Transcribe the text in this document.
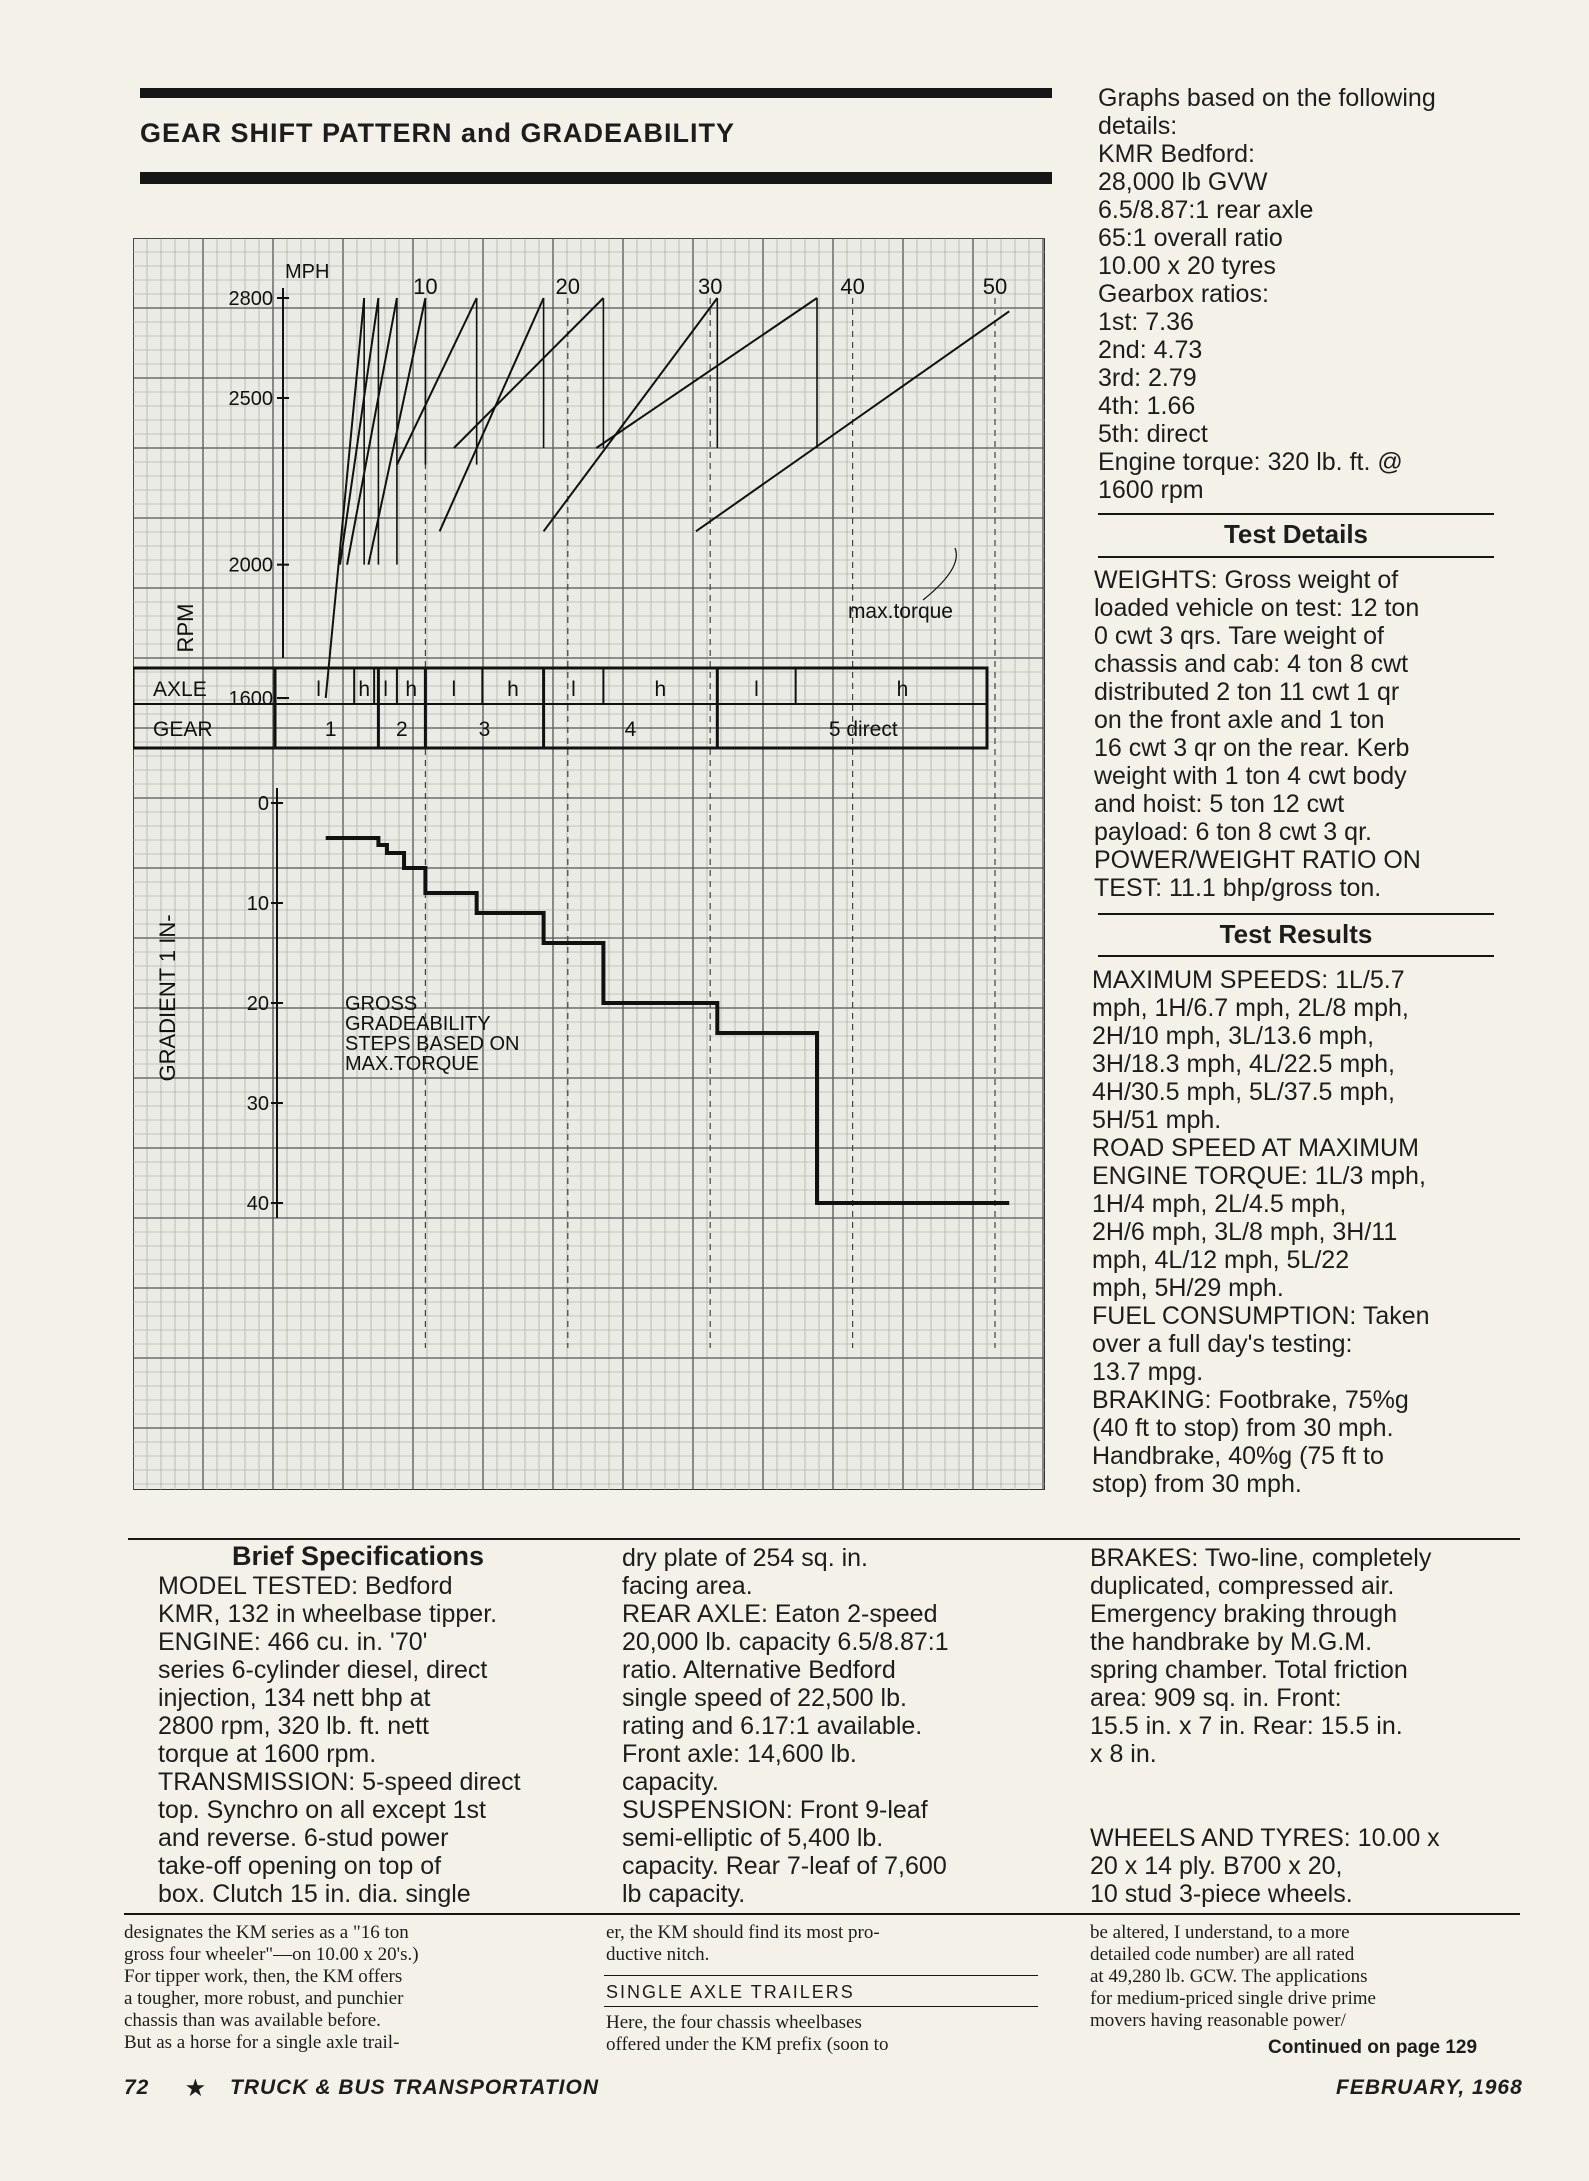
GEAR SHIFT PATTERN and GRADEABILITY
2800
2500
2000
1600
10	20	30	40	50
MPH
RPM	max.torque
AXLE
GEAR
l h l h l h l	h	l	h
1	2	3	4	5 direct
0
10
20
30
40
GRADIENT 1 IN-	GROSS
GRADEABILITY
STEPS BASED ON
MAX.TORQUE
Graphs based on the following
details:
KMR Bedford:
28,000 lb GVW
6.5/8.87:1 rear axle
65:1 overall ratio
10.00 x 20 tyres
Gearbox ratios:
1st: 7.36
2nd: 4.73
3rd: 2.79
4th: 1.66
5th: direct
Engine torque: 320 lb. ft. @
1600 rpm
Test Details
WEIGHTS: Gross weight of
loaded vehicle on test: 12 ton
0 cwt 3 qrs. Tare weight of
chassis and cab: 4 ton 8 cwt
distributed 2 ton 11 cwt 1 qr
on the front axle and 1 ton
16 cwt 3 qr on the rear. Kerb
weight with 1 ton 4 cwt body
and hoist: 5 ton 12 cwt
payload: 6 ton 8 cwt 3 qr.
POWER/WEIGHT RATIO ON
TEST: 11.1 bhp/gross ton.
Test Results
MAXIMUM SPEEDS: 1L/5.7
mph, 1H/6.7 mph, 2L/8 mph,
2H/10 mph, 3L/13.6 mph,
3H/18.3 mph, 4L/22.5 mph,
4H/30.5 mph, 5L/37.5 mph,
5H/51 mph.
ROAD SPEED AT MAXIMUM
ENGINE TORQUE: 1L/3 mph,
1H/4 mph, 2L/4.5 mph,
2H/6 mph, 3L/8 mph, 3H/11
mph, 4L/12 mph, 5L/22
mph, 5H/29 mph.
FUEL CONSUMPTION: Taken
over a full day's testing:
13.7 mpg.
BRAKING: Footbrake, 75%g
(40 ft to stop) from 30 mph.
Handbrake, 40%g (75 ft to
stop) from 30 mph.
Brief Specifications
MODEL TESTED: Bedford
KMR, 132 in wheelbase tipper.
ENGINE: 466 cu. in. '70'
series 6-cylinder diesel, direct
injection, 134 nett bhp at
2800 rpm, 320 lb. ft. nett
torque at 1600 rpm.
TRANSMISSION: 5-speed direct
top. Synchro on all except 1st
and reverse. 6-stud power
take-off opening on top of
box. Clutch 15 in. dia. single
dry plate of 254 sq. in.
facing area.
REAR AXLE: Eaton 2-speed
20,000 lb. capacity 6.5/8.87:1
ratio. Alternative Bedford
single speed of 22,500 lb.
rating and 6.17:1 available.
Front axle: 14,600 lb.
capacity.
SUSPENSION: Front 9-leaf
semi-elliptic of 5,400 lb.
capacity. Rear 7-leaf of 7,600
lb capacity.
BRAKES: Two-line, completely
duplicated, compressed air.
Emergency braking through
the handbrake by M.G.M.
spring chamber. Total friction
area: 909 sq. in. Front:
15.5 in. x 7 in. Rear: 15.5 in.
x 8 in.
WHEELS AND TYRES: 10.00 x
20 x 14 ply. B700 x 20,
10 stud 3-piece wheels.
designates the KM series as a "16 ton
gross four wheeler"—on 10.00 x 20's.)
For tipper work, then, the KM offers
a tougher, more robust, and punchier
chassis than was available before.
But as a horse for a single axle trail-
er, the KM should find its most pro-
ductive nitch.
SINGLE AXLE TRAILERS
Here, the four chassis wheelbases
offered under the KM prefix (soon to
be altered, I understand, to a more
detailed code number) are all rated
at 49,280 lb. GCW. The applications
for medium-priced single drive prime
movers having reasonable power/
Continued on page 129
72 ★ TRUCK & BUS TRANSPORTATION	FEBRUARY, 1968
